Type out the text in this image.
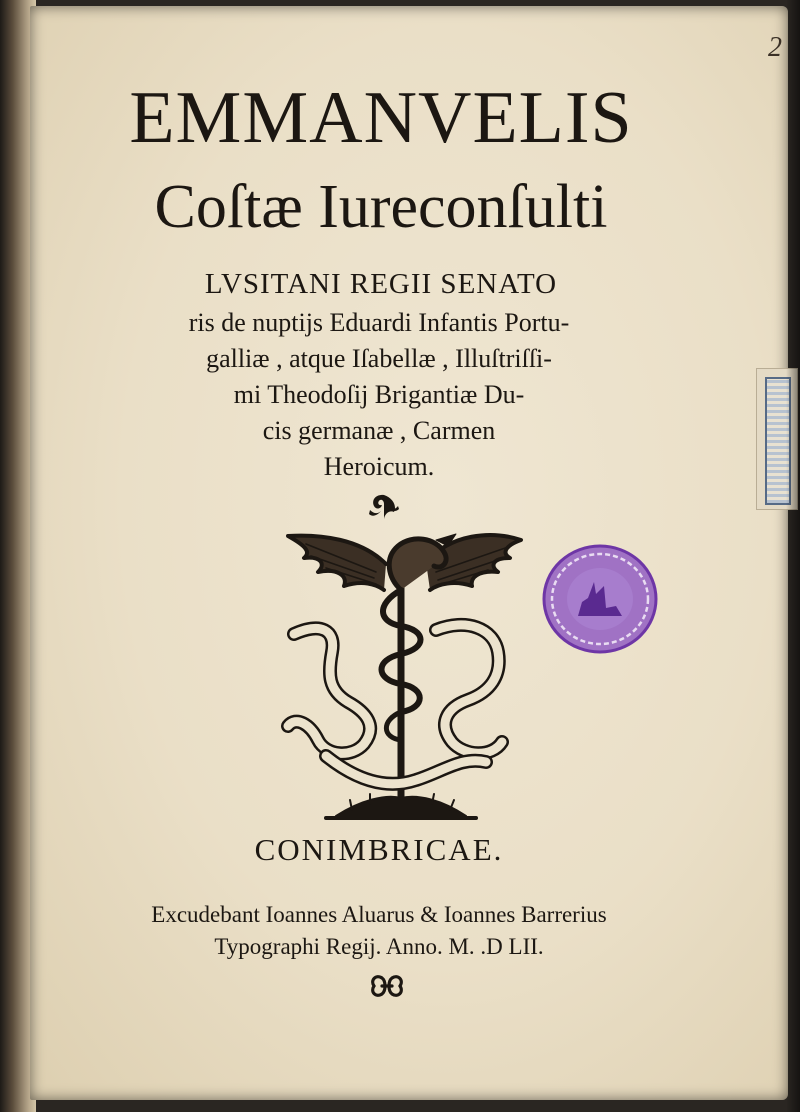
2
EMMANVELIS
Coſtæ Iureconſulti
LVSITANI REGII SENATO
ris de nuptijs Eduardi Infantis Portu-
galliæ , atque Iſabellæ , Illuſtriſſi-
mi Theodoſij Brigantiæ Du-
cis germanæ , Carmen
Heroicum.
CONIMBRICAE.
Excudebant Ioannes Aluarus & Ioannes Barrerius
Typographi Regij. Anno. M. .D LII.
